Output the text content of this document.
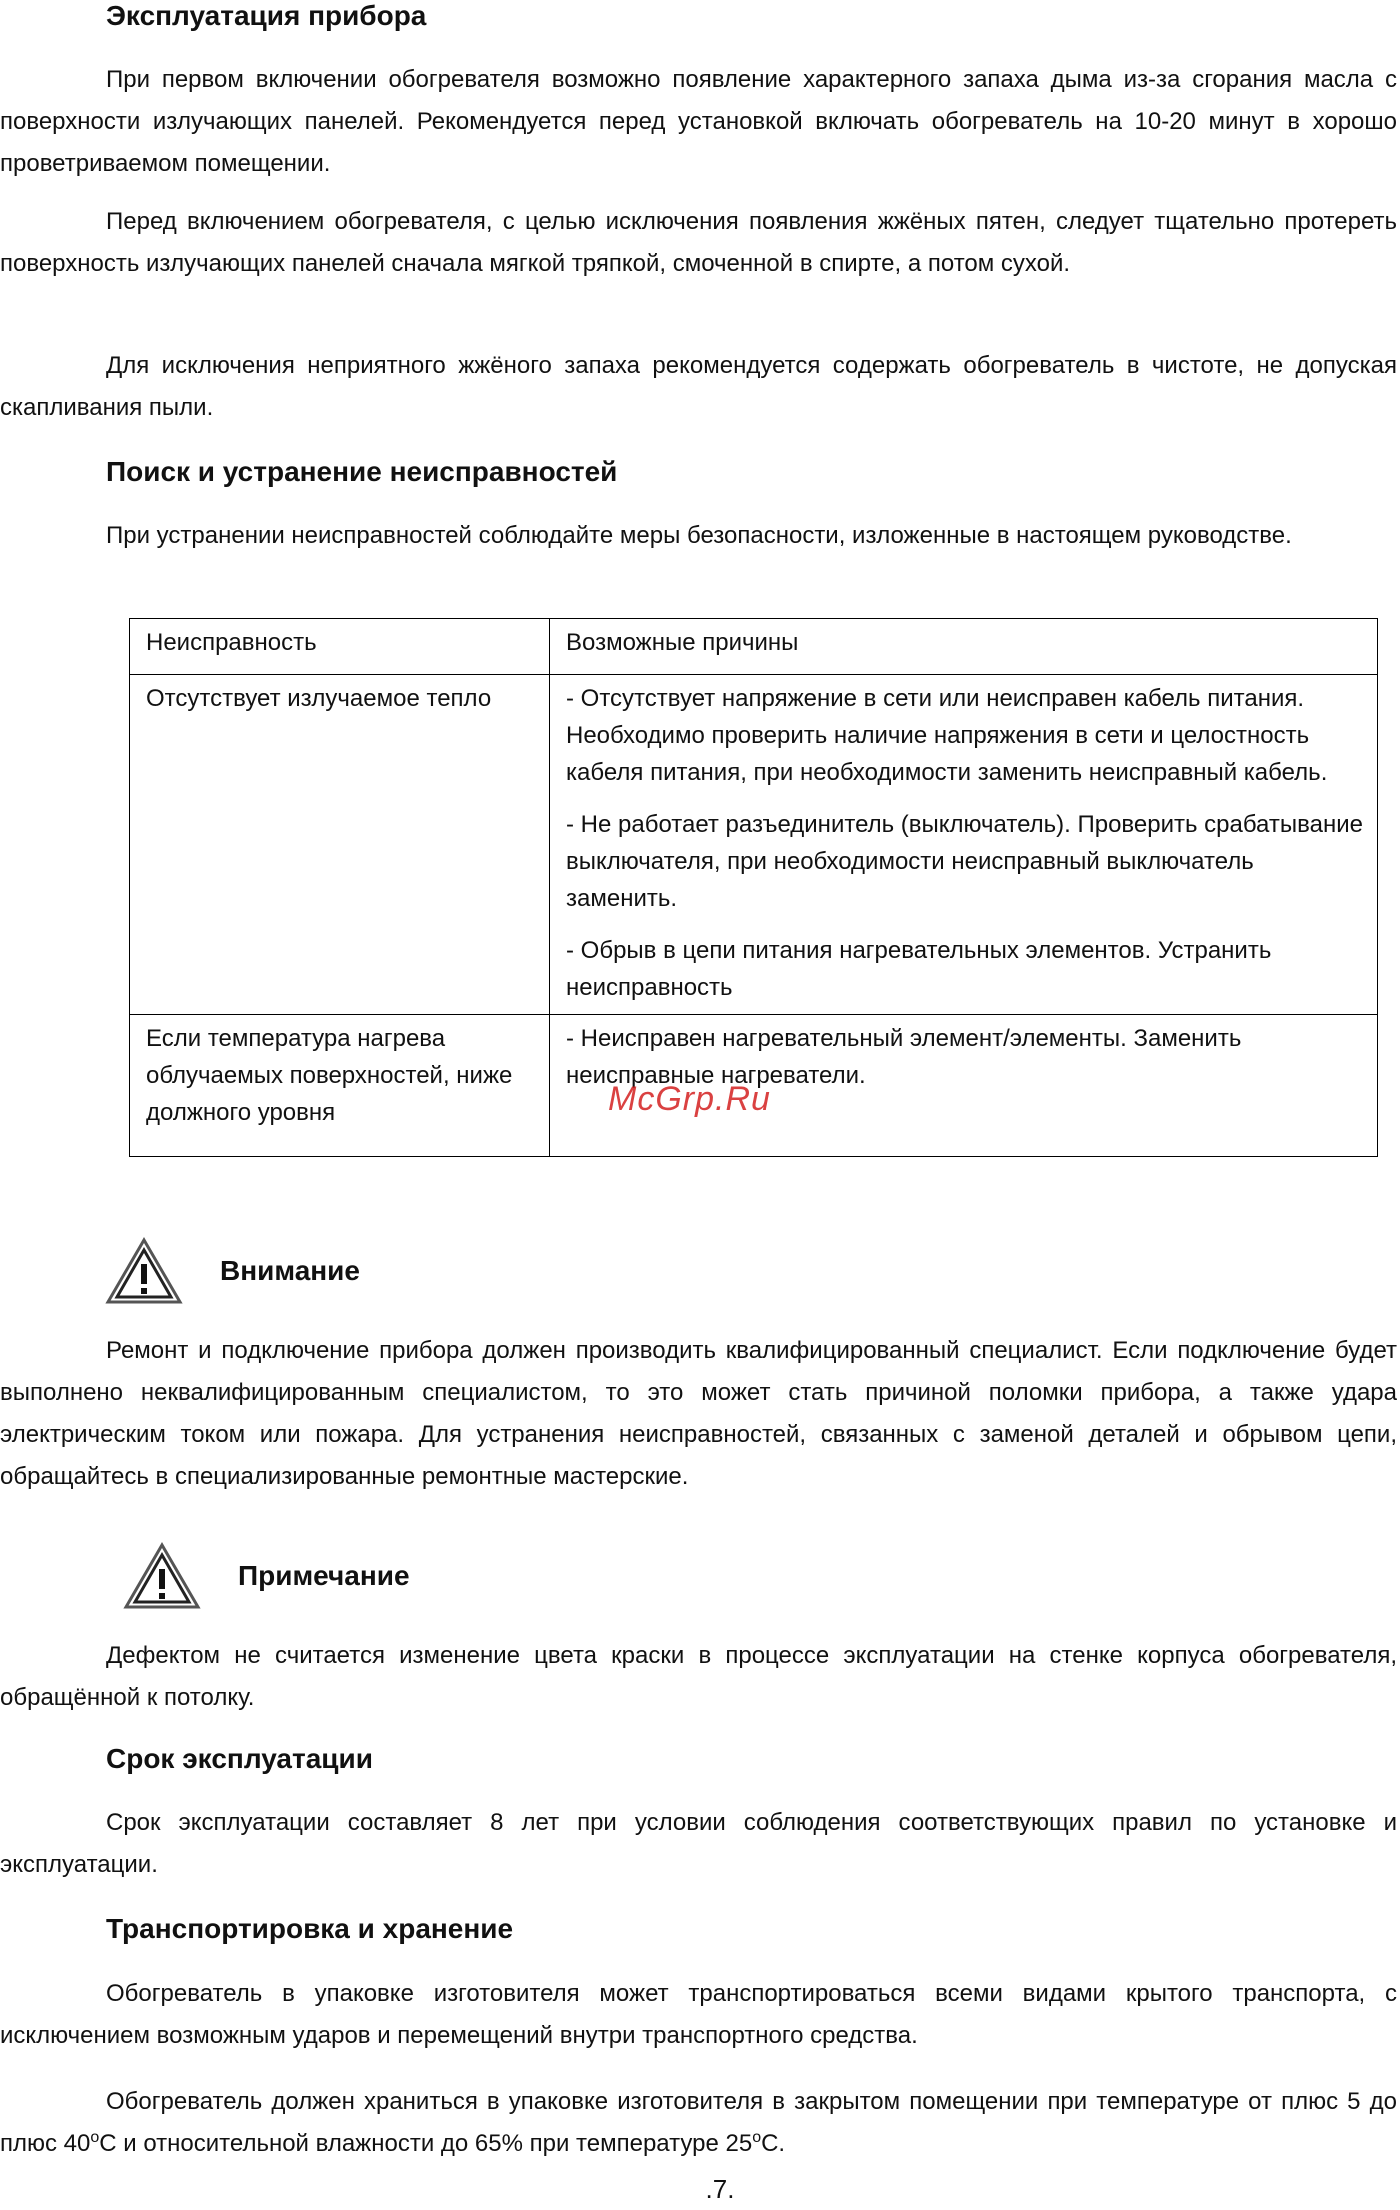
Эксплуатация прибора

При первом включении обогревателя возможно появление характерного запаха дыма из-за сгорания масла с поверхности излучающих панелей. Рекомендуется перед установкой включать обогреватель на 10-20 минут в хорошо проветриваемом помещении.

Перед включением обогревателя, с целью исключения появления жжёных пятен, следует тщательно протереть поверхность излучающих панелей сначала мягкой тряпкой, смоченной в спирте, а потом сухой.

Для исключения неприятного жжёного запаха рекомендуется содержать обогреватель в чистоте, не допуская скапливания пыли.

Поиск и устранение неисправностей

При устранении неисправностей соблюдайте меры безопасности, изложенные в настоящем руководстве.

Неисправность	Возможные причины
Отсутствует излучаемое тепло	- Отсутствует напряжение в сети или неисправен кабель питания. Необходимо проверить наличие напряжения в сети и целостность кабеля питания, при необходимости заменить неисправный кабель.

- Не работает разъединитель (выключатель). Проверить срабатывание выключателя, при необходимости неисправный выключатель заменить.

- Обрыв в цепи питания нагревательных элементов. Устранить неисправность

Если температура нагрева облучаемых поверхностей, ниже должного уровня	- Неисправен нагревательный элемент/элементы. Заменить неисправные нагреватели.

McGrp.Ru
Внимание

Ремонт и подключение прибора должен производить квалифицированный специалист. Если подключение будет выполнено неквалифицированным специалистом, то это может стать причиной поломки прибора, а также удара электрическим током или пожара. Для устранения неисправностей, связанных с заменой деталей и обрывом цепи, обращайтесь в специализированные ремонтные мастерские.

Примечание

Дефектом не считается изменение цвета краски в процессе эксплуатации на стенке корпуса обогревателя, обращённой к потолку.

Срок эксплуатации

Срок эксплуатации составляет 8 лет при условии соблюдения соответствующих правил по установке и эксплуатации.

Транспортировка и хранение

Обогреватель в упаковке изготовителя может транспортироваться всеми видами крытого транспорта, с исключением возможным ударов и перемещений внутри транспортного средства.

Обогреватель должен храниться в упаковке изготовителя в закрытом помещении при температуре от плюс 5 до плюс $40^оС$ и относительной влажности до 65% при температуре $25^оС$.

.7.
